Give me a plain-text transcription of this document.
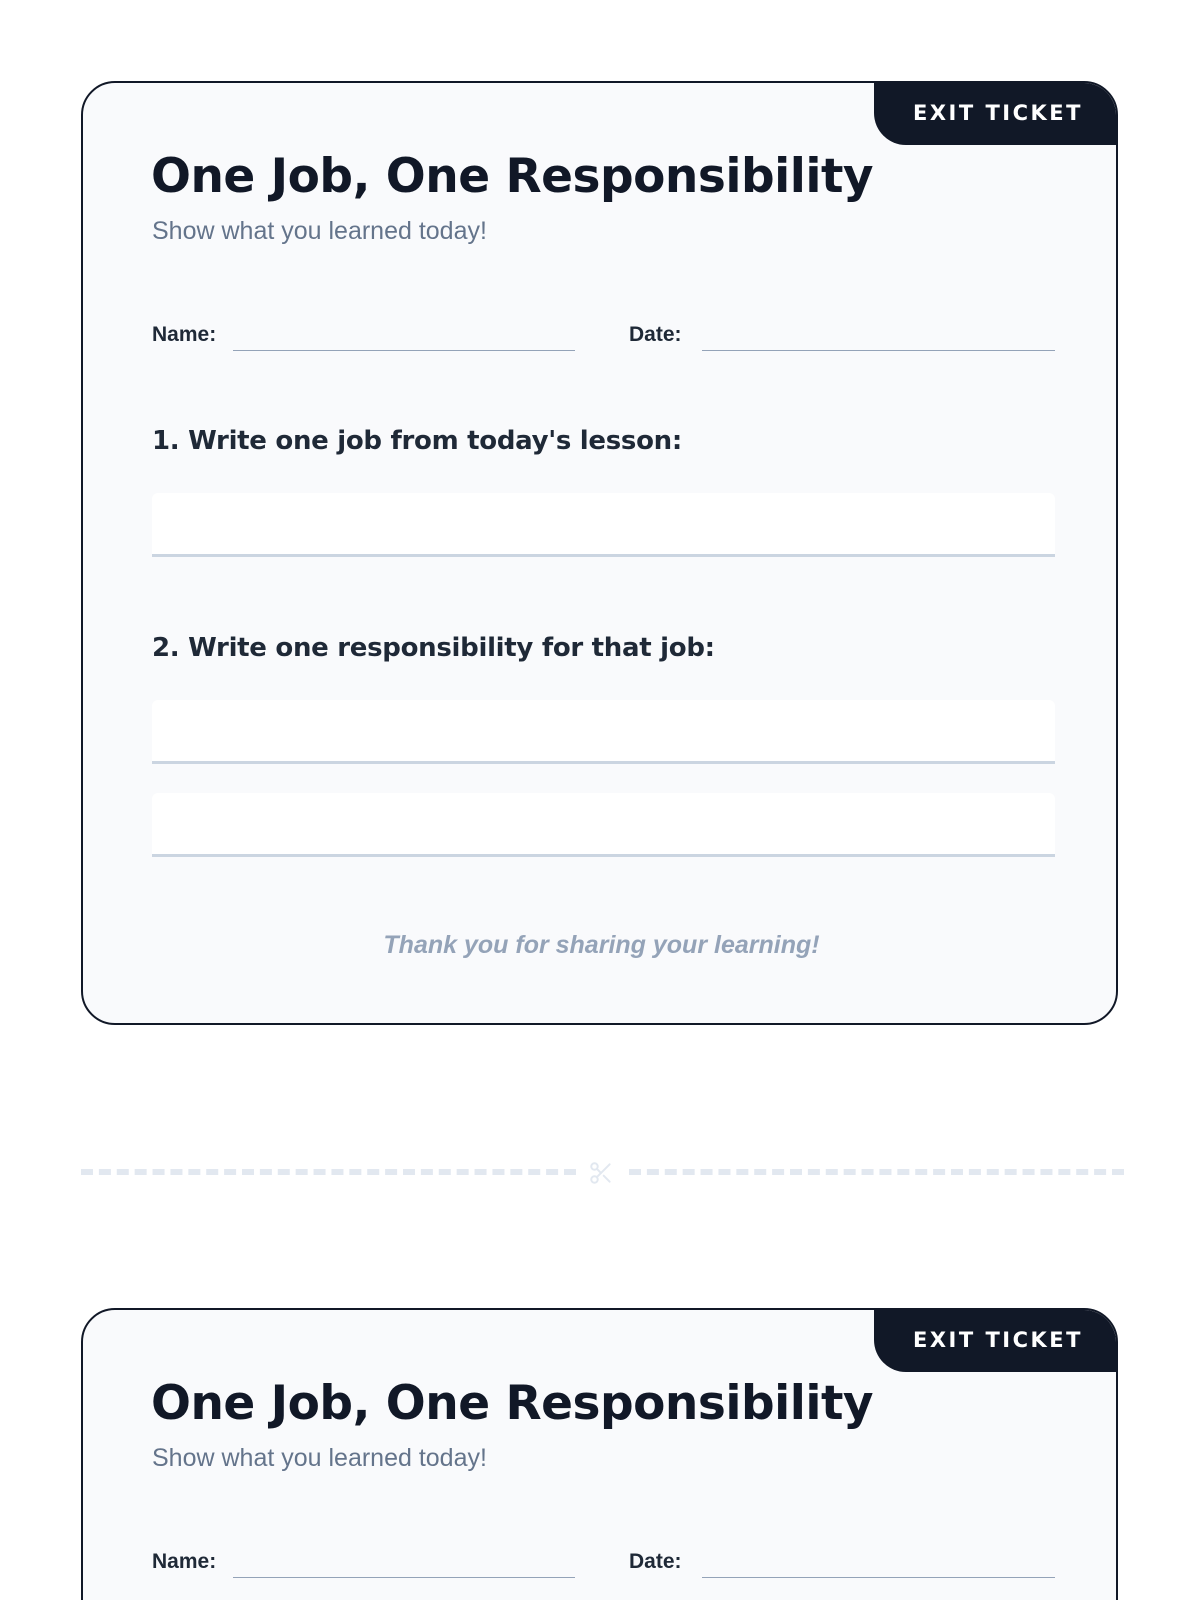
EXIT TICKET
One Job, One Responsibility

Show what you learned today!

Name:	Date:

1. Write one job from today's lesson:

2. Write one responsibility for that job:

Thank you for sharing your learning!

EXIT TICKET
One Job, One Responsibility

Show what you learned today!

Name:	Date:
